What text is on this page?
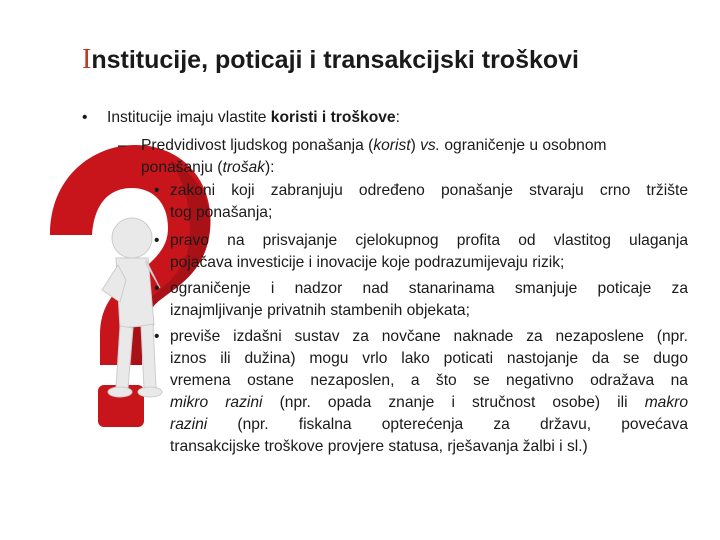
Institucije, poticaji i transakcijski troškovi
• Institucije imaju vlastite koristi i troškove:
– Predvidivost ljudskog ponašanja (korist) vs. ograničenje u osobnom
ponašanju (trošak):
• zakoni koji zabranjuju određeno ponašanje stvaraju crno tržište
tog ponašanja;
• pravo na prisvajanje cjelokupnog profita od vlastitog ulaganja
pojačava investicije i inovacije koje podrazumijevaju rizik;
• ograničenje i nadzor nad stanarinama smanjuje poticaje za
iznajmljivanje privatnih stambenih objekata;
• previše izdašni sustav za novčane naknade za nezaposlene (npr.
iznos ili dužina) mogu vrlo lako poticati nastojanje da se dugo
vremena ostane nezaposlen, a što se negativno odražava na
mikro razini (npr. opada znanje i stručnost osobe) ili makro
razini (npr. fiskalna opterećenja za državu, povećava
transakcijske troškove provjere statusa, rješavanja žalbi i sl.)
